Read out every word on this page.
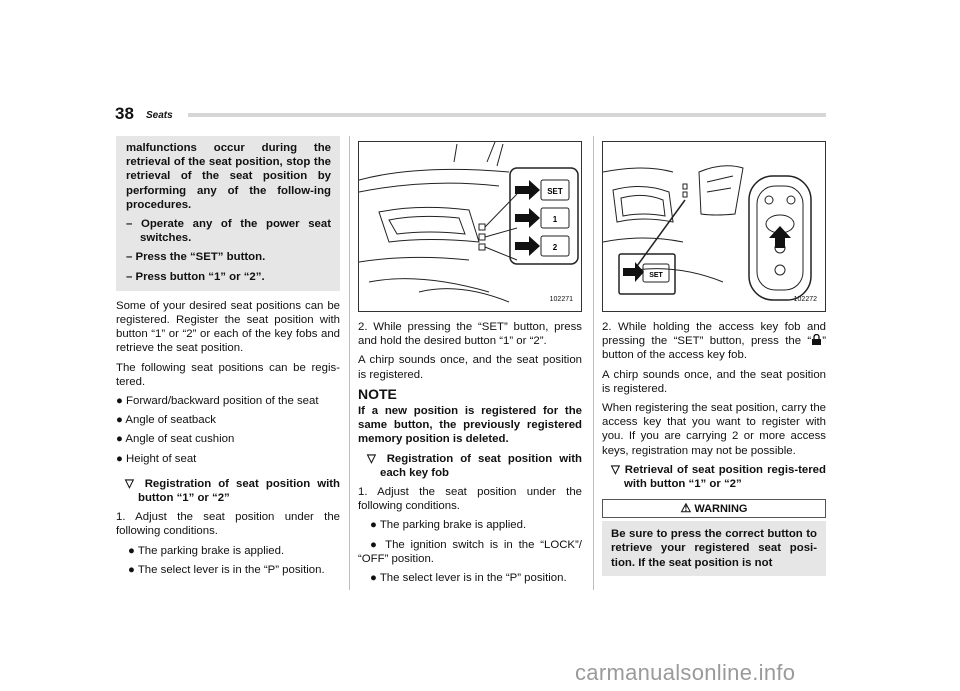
38 Seats

malfunctions occur during the retrieval of the seat position, stop the retrieval of the seat position by performing any of the follow-ing procedures.

– Operate any of the power seat switches.

– Press the “SET” button.

– Press button “1” or “2”.

Some of your desired seat positions can be registered. Register the seat position with button “1” or “2” or each of the key fobs and retrieve the seat position.

The following seat positions can be regis-tered.

● Forward/backward position of the seat

● Angle of seatback

● Angle of seat cushion

● Height of seat

▽ Registration of seat position with button “1” or “2”

1. Adjust the seat position under the following conditions.

● The parking brake is applied.

● The select lever is in the “P” position.

SET
1
2
102271

2. While pressing the “SET” button, press and hold the desired button “1” or “2”.

A chirp sounds once, and the seat position is registered.

NOTE

If a new position is registered for the same button, the previously registered memory position is deleted.

▽ Registration of seat position with each key fob

1. Adjust the seat position under the following conditions.

● The parking brake is applied.

● The ignition switch is in the “LOCK”/ “OFF” position.

● The select lever is in the “P” position.

SET
102272

2. While holding the access key fob and pressing the “SET” button, press the “ ” button of the access key fob.

A chirp sounds once, and the seat position is registered.

When registering the seat position, carry the access key that you want to register with you. If you are carrying 2 or more access keys, registration may not be possible.

▽ Retrieval of seat position regis-tered with button “1” or “2”

⚠ WARNING
Be sure to press the correct button to retrieve your registered seat posi-tion. If the seat position is not
carmanualsonline.info
